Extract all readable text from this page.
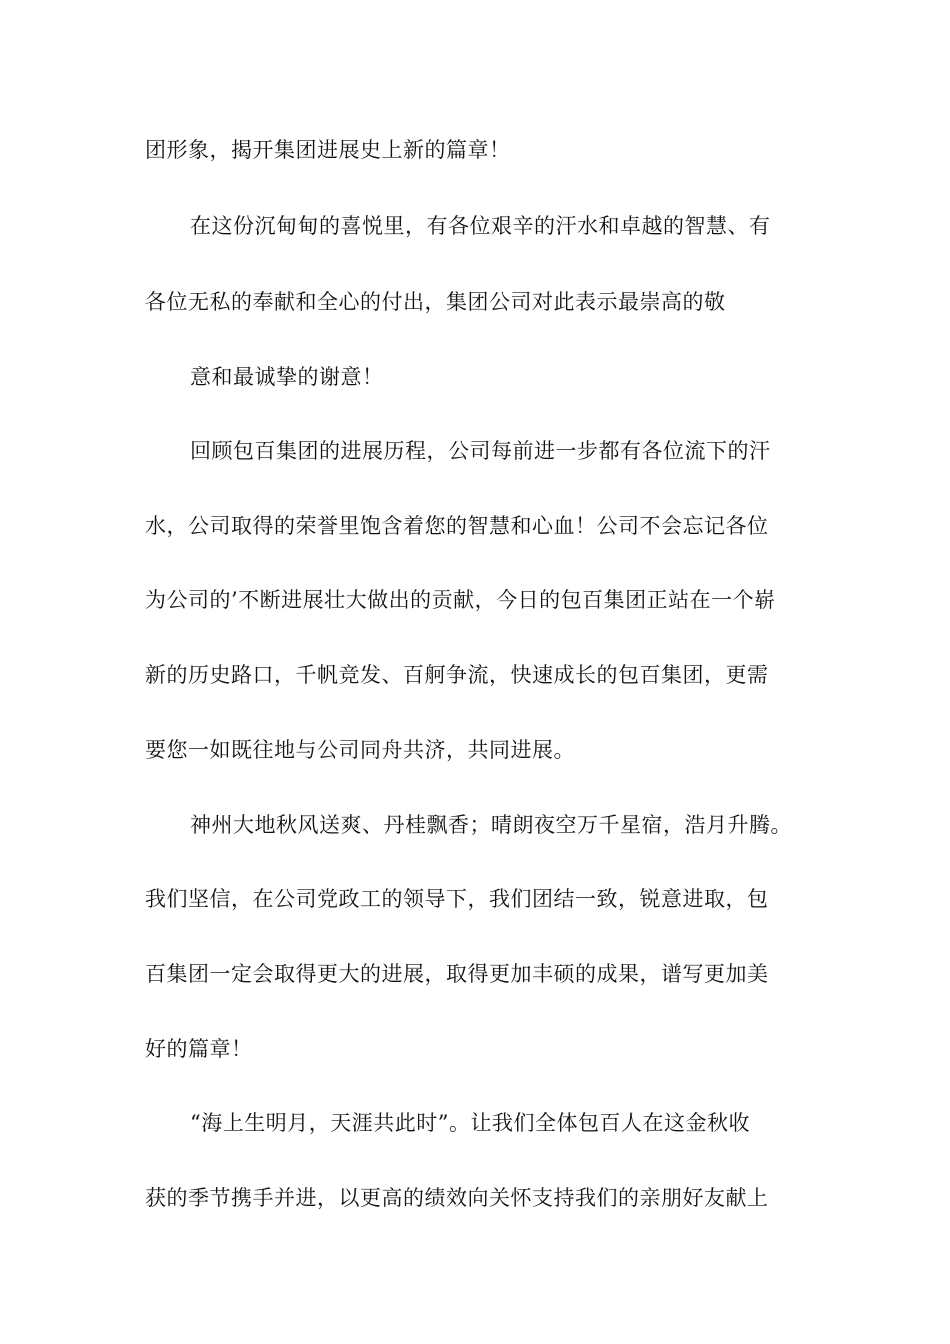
团形象，揭开集团进展史上新的篇章！
在这份沉甸甸的喜悦里，有各位艰辛的汗水和卓越的智慧、有
各位无私的奉献和全心的付出，集团公司对此表示最崇高的敬
意和最诚挚的谢意！
回顾包百集团的进展历程，公司每前进一步都有各位流下的汗
水，公司取得的荣誉里饱含着您的智慧和心血！公司不会忘记各位
为公司的’不断进展壮大做出的贡献，今日的包百集团正站在一个崭
新的历史路口，千帆竞发、百舸争流，快速成长的包百集团，更需
要您一如既往地与公司同舟共济，共同进展。
神州大地秋风送爽、丹桂飘香；晴朗夜空万千星宿，浩月升腾。
我们坚信，在公司党政工的领导下，我们团结一致，锐意进取，包
百集团一定会取得更大的进展，取得更加丰硕的成果，谱写更加美
好的篇章！
“海上生明月，天涯共此时”。让我们全体包百人在这金秋收
获的季节携手并进，以更高的绩效向关怀支持我们的亲朋好友献上
